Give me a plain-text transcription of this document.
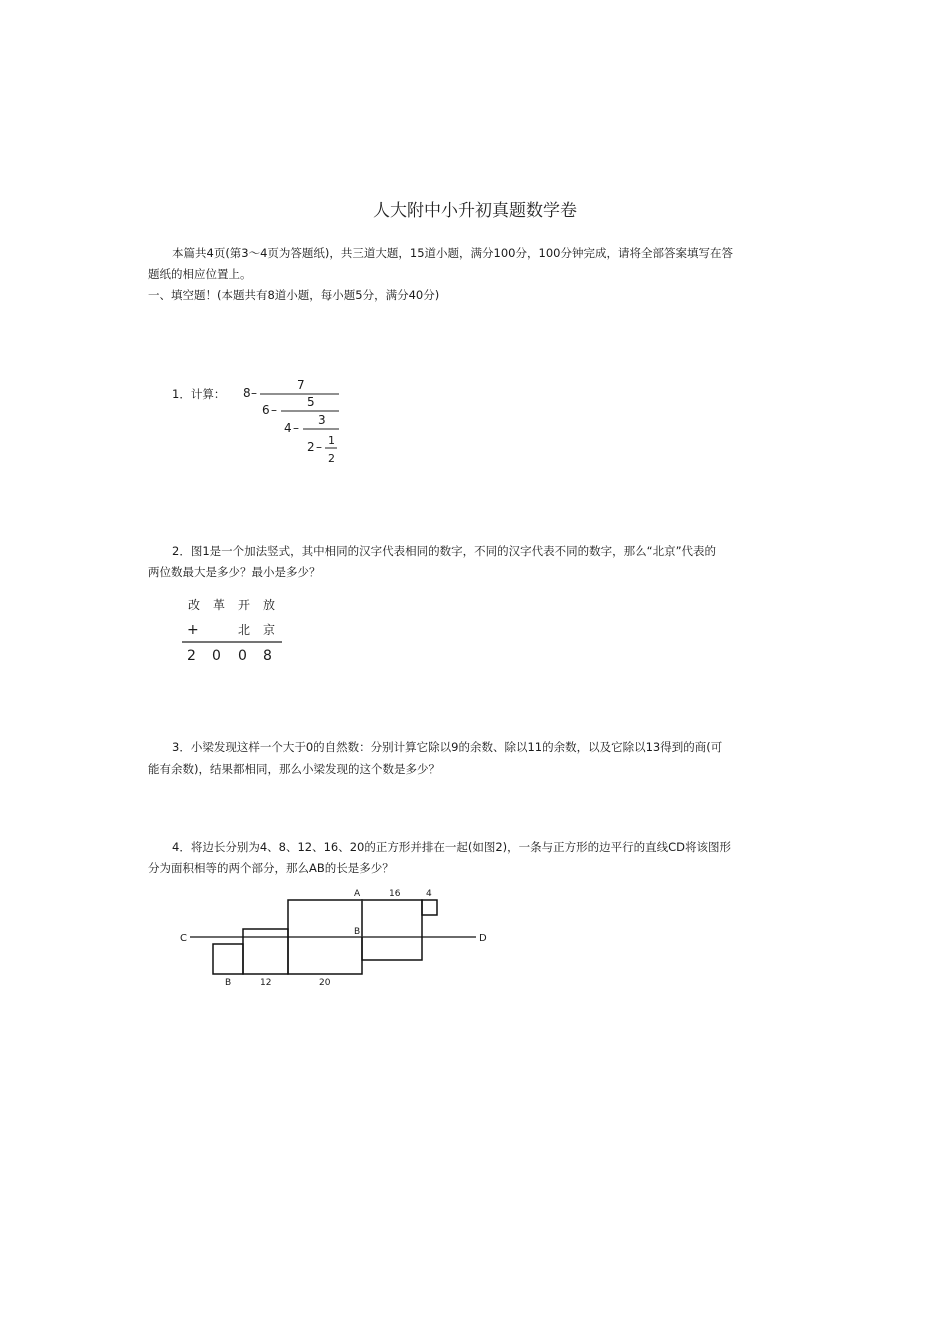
人大附中小升初真题数学卷
本篇共4页(第3～4页为答题纸)，共三道大题，15道小题，满分100分，100分钟完成，请将全部答案填写在答
题纸的相应位置上。
一、填空题！(本题共有8道小题，每小题5分，满分40分)
1．计算： 8 –
7
6 –
5
4 –
3
2 – 1
2
2．图1是一个加法竖式，其中相同的汉字代表相同的数字，不同的汉字代表不同的数字，那么“北京”代表的
两位数最大是多少？最小是多少？
改 革 开 放
+	北 京
2 0 0 8
3．小梁发现这样一个大于0的自然数：分别计算它除以9的余数、除以11的余数，以及它除以13得到的商(可
能有余数)，结果都相同，那么小梁发现的这个数是多少？
4．将边长分别为4、8、12、16、20的正方形并排在一起(如图2)，一条与正方形的边平行的直线CD将该图形
分为面积相等的两个部分，那么AB的长是多少？
C	D
A
B
16	4
B	12	20
